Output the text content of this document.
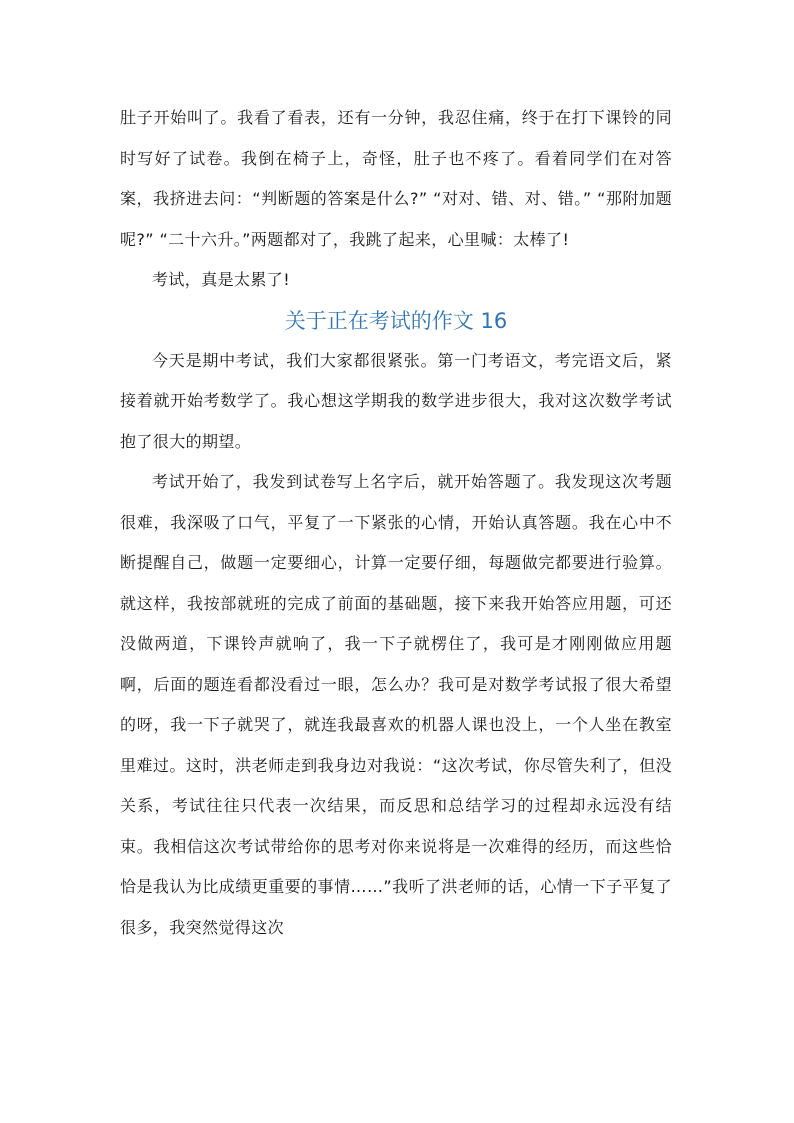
肚子开始叫了。我看了看表，还有一分钟，我忍住痛，终于在打下课铃的同时写好了试卷。我倒在椅子上，奇怪，肚子也不疼了。看着同学们在对答案，我挤进去问：“判断题的答案是什么?” “对对、错、对、错。” “那附加题呢?” “二十六升。”两题都对了，我跳了起来，心里喊：太棒了!

考试，真是太累了!

关于正在考试的作文 16

今天是期中考试，我们大家都很紧张。第一门考语文，考完语文后，紧接着就开始考数学了。我心想这学期我的数学进步很大，我对这次数学考试抱了很大的期望。

考试开始了，我发到试卷写上名字后，就开始答题了。我发现这次考题很难，我深吸了口气，平复了一下紧张的心情，开始认真答题。我在心中不断提醒自己，做题一定要细心，计算一定要仔细，每题做完都要进行验算。就这样，我按部就班的完成了前面的基础题，接下来我开始答应用题，可还没做两道，下课铃声就响了，我一下子就楞住了，我可是才刚刚做应用题啊，后面的题连看都没看过一眼，怎么办？我可是对数学考试报了很大希望的呀，我一下子就哭了，就连我最喜欢的机器人课也没上，一个人坐在教室里难过。这时，洪老师走到我身边对我说：“这次考试，你尽管失利了，但没关系，考试往往只代表一次结果，而反思和总结学习的过程却永远没有结束。我相信这次考试带给你的思考对你来说将是一次难得的经历，而这些恰恰是我认为比成绩更重要的事情……”我听了洪老师的话，心情一下子平复了很多，我突然觉得这次
